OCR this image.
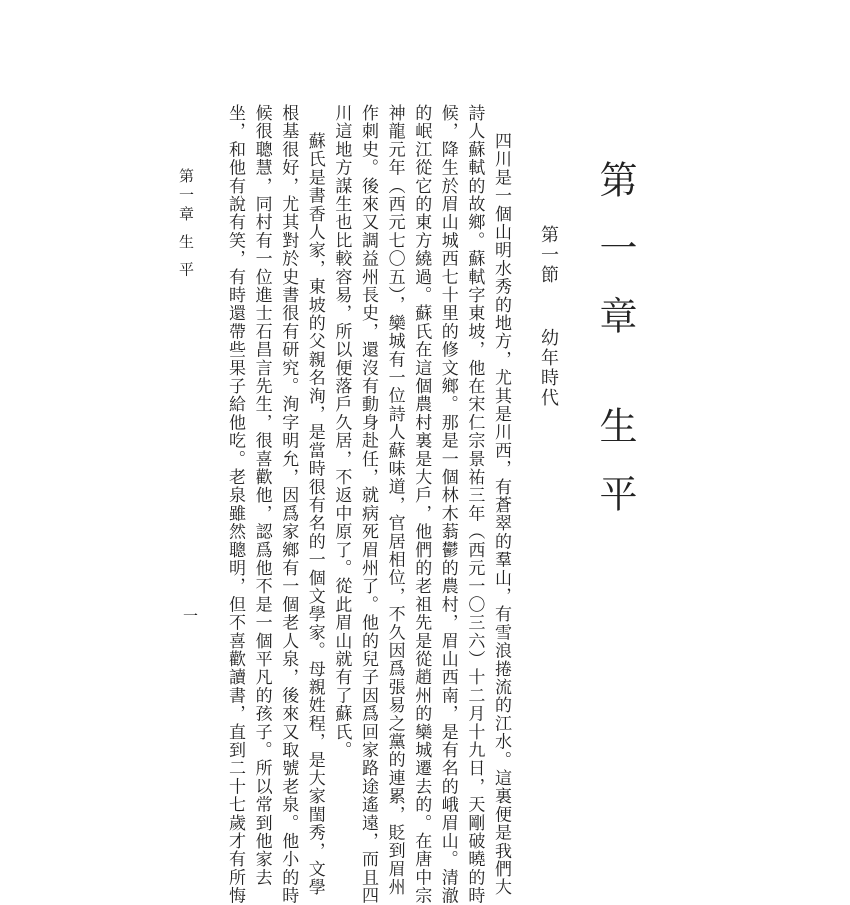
第一章 生平
第一節  幼年時代
四川是一個山明水秀的地方，尤其是川西，有蒼翠的羣山，有雪浪捲流的江水。這裏便是我們大
詩人蘇軾的故鄉。蘇軾字東坡，他在宋仁宗景祐三年（西元一〇三六）十二月十九日，天剛破曉的時
候，降生於眉山城西七十里的修文鄉。那是一個林木蓊鬱的農村，眉山西南，是有名的峨眉山。清澈
的岷江從它的東方繞過。蘇氏在這個農村裏是大戶，他們的老祖先是從趙州的欒城遷去的。在唐中宗
神龍元年（西元七〇五），欒城有一位詩人蘇味道，官居相位，不久因爲張易之黨的連累，貶到眉州
作刺史。後來又調益州長史，還沒有動身赴任，就病死眉州了。他的兒子因爲回家路途遙遠，而且四
川這地方謀生也比較容易，所以便落戶久居，不返中原了。從此眉山就有了蘇氏。
蘇氏是書香人家，東坡的父親名洵，是當時很有名的一個文學家。母親姓程，是大家閨秀，文學
根基很好，尤其對於史書很有研究。洵字明允，因爲家鄉有一個老人泉，後來又取號老泉。他小的時
候很聰慧，同村有一位進士石昌言先生，很喜歡他，認爲他不是一個平凡的孩子。所以常到他家去
坐，和他有說有笑，有時還帶些果子給他吃。老泉雖然聰明，但不喜歡讀書，直到二十七歲才有所悔
第一章 生 平
一
